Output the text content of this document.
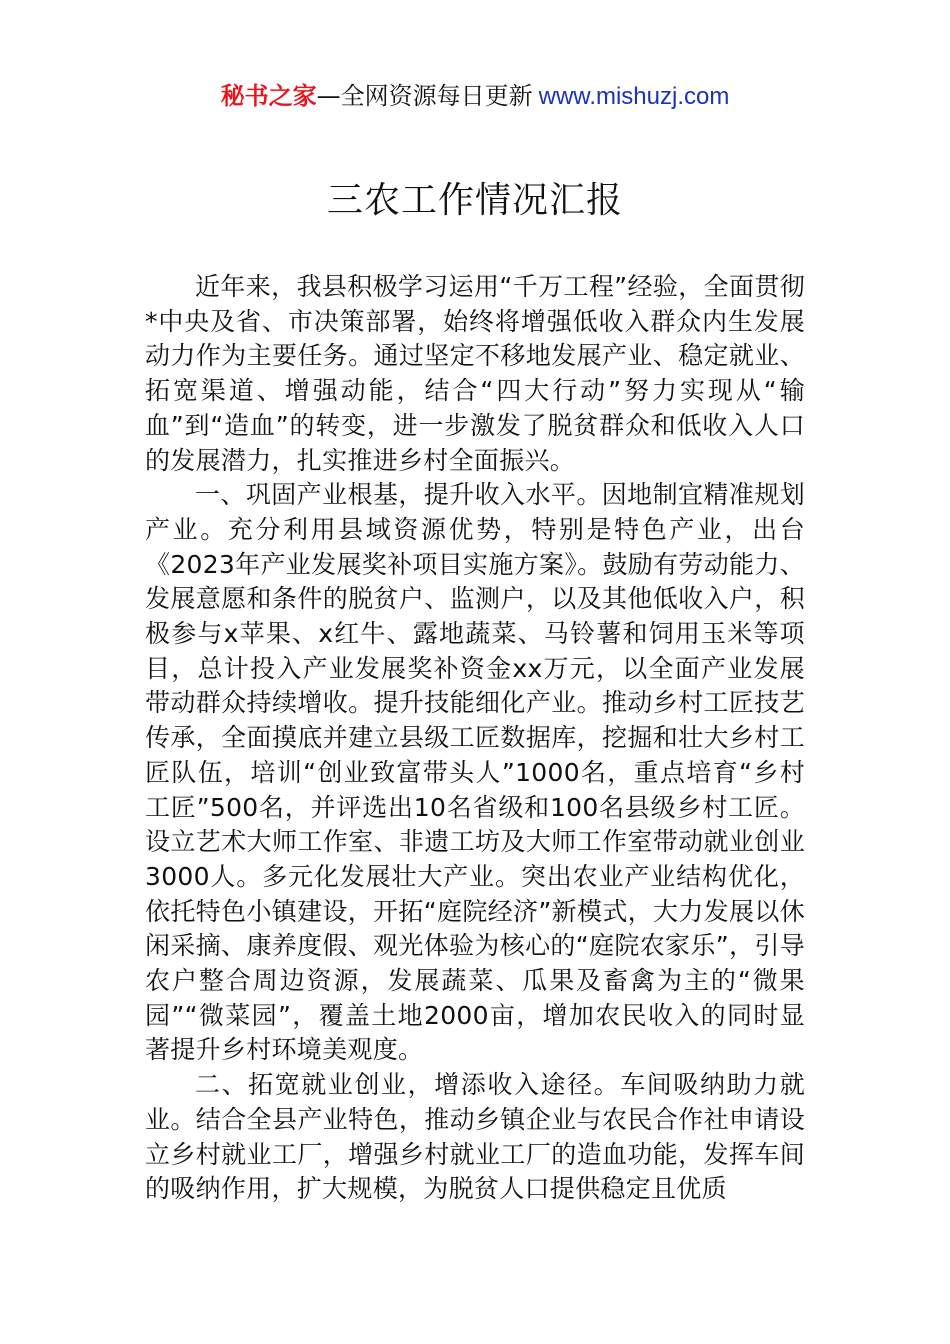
秘书之家—全网资源每日更新 www.mishuzj.com
三农工作情况汇报

近年来，我县积极学习运用“千万工程”经验，全面贯彻*中央及省、市决策部署，始终将增强低收入群众内生发展动力作为主要任务。通过坚定不移地发展产业、稳定就业、拓宽渠道、增强动能，结合“四大行动”努力实现从“输血”到“造血”的转变，进一步激发了脱贫群众和低收入人口的发展潜力，扎实推进乡村全面振兴。

一、巩固产业根基，提升收入水平。因地制宜精准规划产业。充分利用县域资源优势，特别是特色产业，出台《2023年产业发展奖补项目实施方案》。鼓励有劳动能力、发展意愿和条件的脱贫户、监测户，以及其他低收入户，积极参与x苹果、x红牛、露地蔬菜、马铃薯和饲用玉米等项目，总计投入产业发展奖补资金xx万元，以全面产业发展带动群众持续增收。提升技能细化产业。推动乡村工匠技艺传承，全面摸底并建立县级工匠数据库，挖掘和壮大乡村工匠队伍，培训“创业致富带头人”1000名，重点培育“乡村工匠”500名，并评选出10名省级和100名县级乡村工匠。设立艺术大师工作室、非遗工坊及大师工作室带动就业创业3000人。多元化发展壮大产业。突出农业产业结构优化，依托特色小镇建设，开拓“庭院经济”新模式，大力发展以休闲采摘、康养度假、观光体验为核心的“庭院农家乐”，引导农户整合周边资源，发展蔬菜、瓜果及畜禽为主的“微果园”“微菜园”，覆盖土地2000亩，增加农民收入的同时显著提升乡村环境美观度。

二、拓宽就业创业，增添收入途径。车间吸纳助力就业。结合全县产业特色，推动乡镇企业与农民合作社申请设立乡村就业工厂，增强乡村就业工厂的造血功能，发挥车间的吸纳作用，扩大规模，为脱贫人口提供稳定且优质
